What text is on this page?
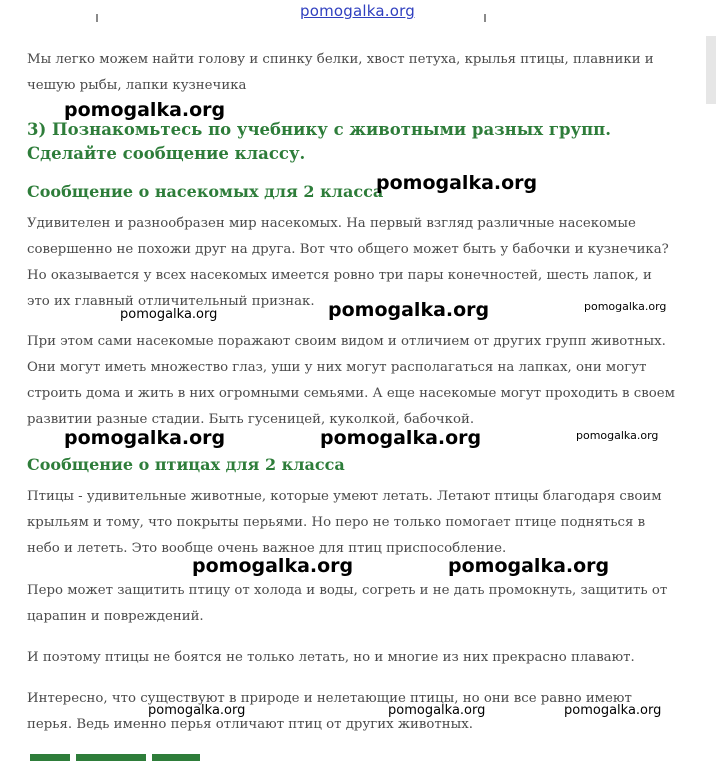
pomogalka.org

Мы легко можем найти голову и спинку белки, хвост петуха, крылья птицы, плавники и чешую рыбы, лапки кузнечика

3) Познакомьтесь по учебнику с животными разных групп. Сделайте сообщение классу.
Сообщение о насекомых для 2 класса

Удивителен и разнообразен мир насекомых. На первый взгляд различные насекомые совершенно не похожи друг на друга. Вот что общего может быть у бабочки и кузнечика? Но оказывается у всех насекомых имеется ровно три пары конечностей, шесть лапок, и это их главный отличительный признак.

При этом сами насекомые поражают своим видом и отличием от других групп животных. Они могут иметь множество глаз, уши у них могут располагаться на лапках, они могут строить дома и жить в них огромными семьями. А еще насекомые могут проходить в своем развитии разные стадии. Быть гусеницей, куколкой, бабочкой.

Сообщение о птицах для 2 класса

Птицы - удивительные животные, которые умеют летать. Летают птицы благодаря своим крыльям и тому, что покрыты перьями. Но перо не только помогает птице подняться в небо и лететь. Это вообще очень важное для птиц приспособление.

Перо может защитить птицу от холода и воды, согреть и не дать промокнуть, защитить от царапин и повреждений.

И поэтому птицы не боятся не только летать, но и многие из них прекрасно плавают.

Интересно, что существуют в природе и нелетающие птицы, но они все равно имеют перья. Ведь именно перья отличают птиц от других животных.

pomogalka.org
pomogalka.org
pomogalka.org
pomogalka.org
pomogalka.org
pomogalka.org	pomogalka.org	pomogalka.org
pomogalka.org	pomogalka.org
pomogalka.org	pomogalka.org	pomogalka.org
